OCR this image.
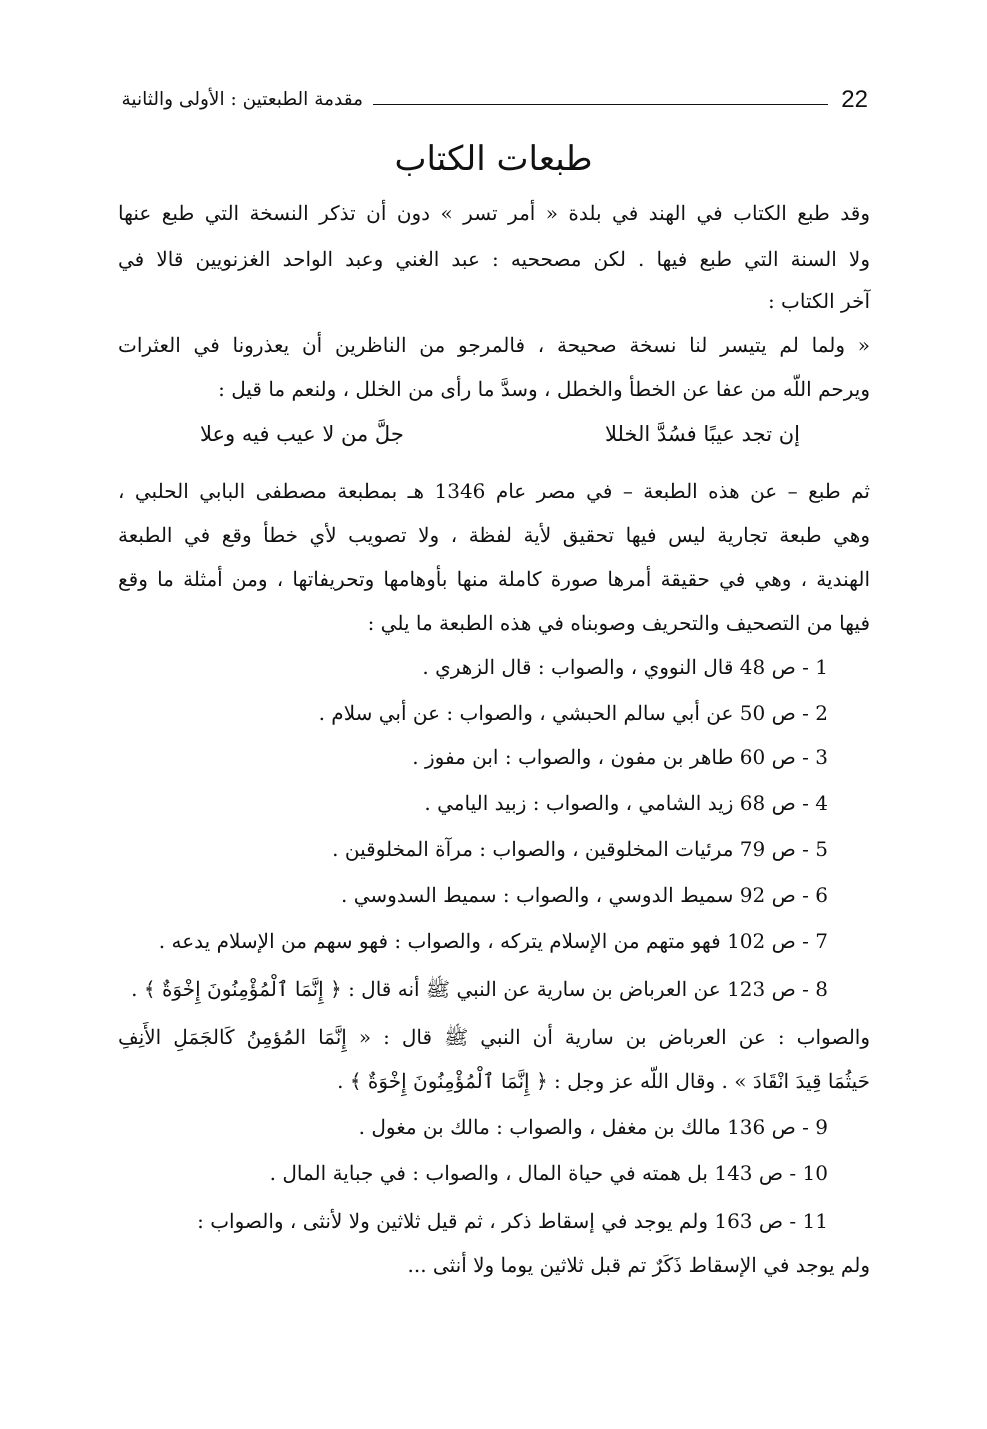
22
مقدمة الطبعتين : الأولى والثانية
طبعات الكتاب
وقد طبع الكتاب في الهند في بلدة « أمر تسر » دون أن تذكر النسخة التي طبع عنها
ولا السنة التي طبع فيها . لكن مصححيه : عبد الغني وعبد الواحد الغزنويين قالا في
آخر الكتاب :
« ولما لم يتيسر لنا نسخة صحيحة ، فالمرجو من الناظرين أن يعذرونا في العثرات
ويرحم اللّه من عفا عن الخطأ والخطل ، وسدَّ ما رأى من الخلل ، ولنعم ما قيل :
إن تجد عيبًا فسُدَّ الخللا
جلَّ من لا عيب فيه وعلا
ثم طبع – عن هذه الطبعة – في مصر عام 1346 هـ بمطبعة مصطفى البابي الحلبي ،
وهي طبعة تجارية ليس فيها تحقيق لأية لفظة ، ولا تصويب لأي خطأ وقع في الطبعة
الهندية ، وهي في حقيقة أمرها صورة كاملة منها بأوهامها وتحريفاتها ، ومن أمثلة ما وقع
فيها من التصحيف والتحريف وصوبناه في هذه الطبعة ما يلي :
1 - ص 48 قال النووي ، والصواب : قال الزهري .
2 - ص 50 عن أبي سالم الحبشي ، والصواب : عن أبي سلام .
3 - ص 60 طاهر بن مفون ، والصواب : ابن مفوز .
4 - ص 68 زيد الشامي ، والصواب : زبيد اليامي .
5 - ص 79 مرئيات المخلوقين ، والصواب : مرآة المخلوقين .
6 - ص 92 سميط الدوسي ، والصواب : سميط السدوسي .
7 - ص 102 فهو متهم من الإسلام يتركه ، والصواب : فهو سهم من الإسلام يدعه .
8 - ص 123 عن العرباض بن سارية عن النبي ﷺ أنه قال : ﴿ إِنَّمَا ٱلْمُؤْمِنُونَ إِخْوَةٌ ﴾ .
والصواب : عن العرباض بن سارية أن النبي ﷺ قال : « إِنَّمَا المُؤمِنُ كَالجَمَلِ الأَنِفِ
حَيثُمَا قِيدَ انْقَادَ » . وقال اللّه عز وجل : ﴿ إِنَّمَا ٱلْمُؤْمِنُونَ إِخْوَةٌ ﴾ .
9 - ص 136 مالك بن مغفل ، والصواب : مالك بن مغول .
10 - ص 143 بل همته في حياة المال ، والصواب : في جباية المال .
11 - ص 163 ولم يوجد في إسقاط ذكر ، ثم قيل ثلاثين ولا لأنثى ، والصواب :
ولم يوجد في الإسقاط ذَكَرٌ تم قبل ثلاثين يوما ولا أنثى ...
